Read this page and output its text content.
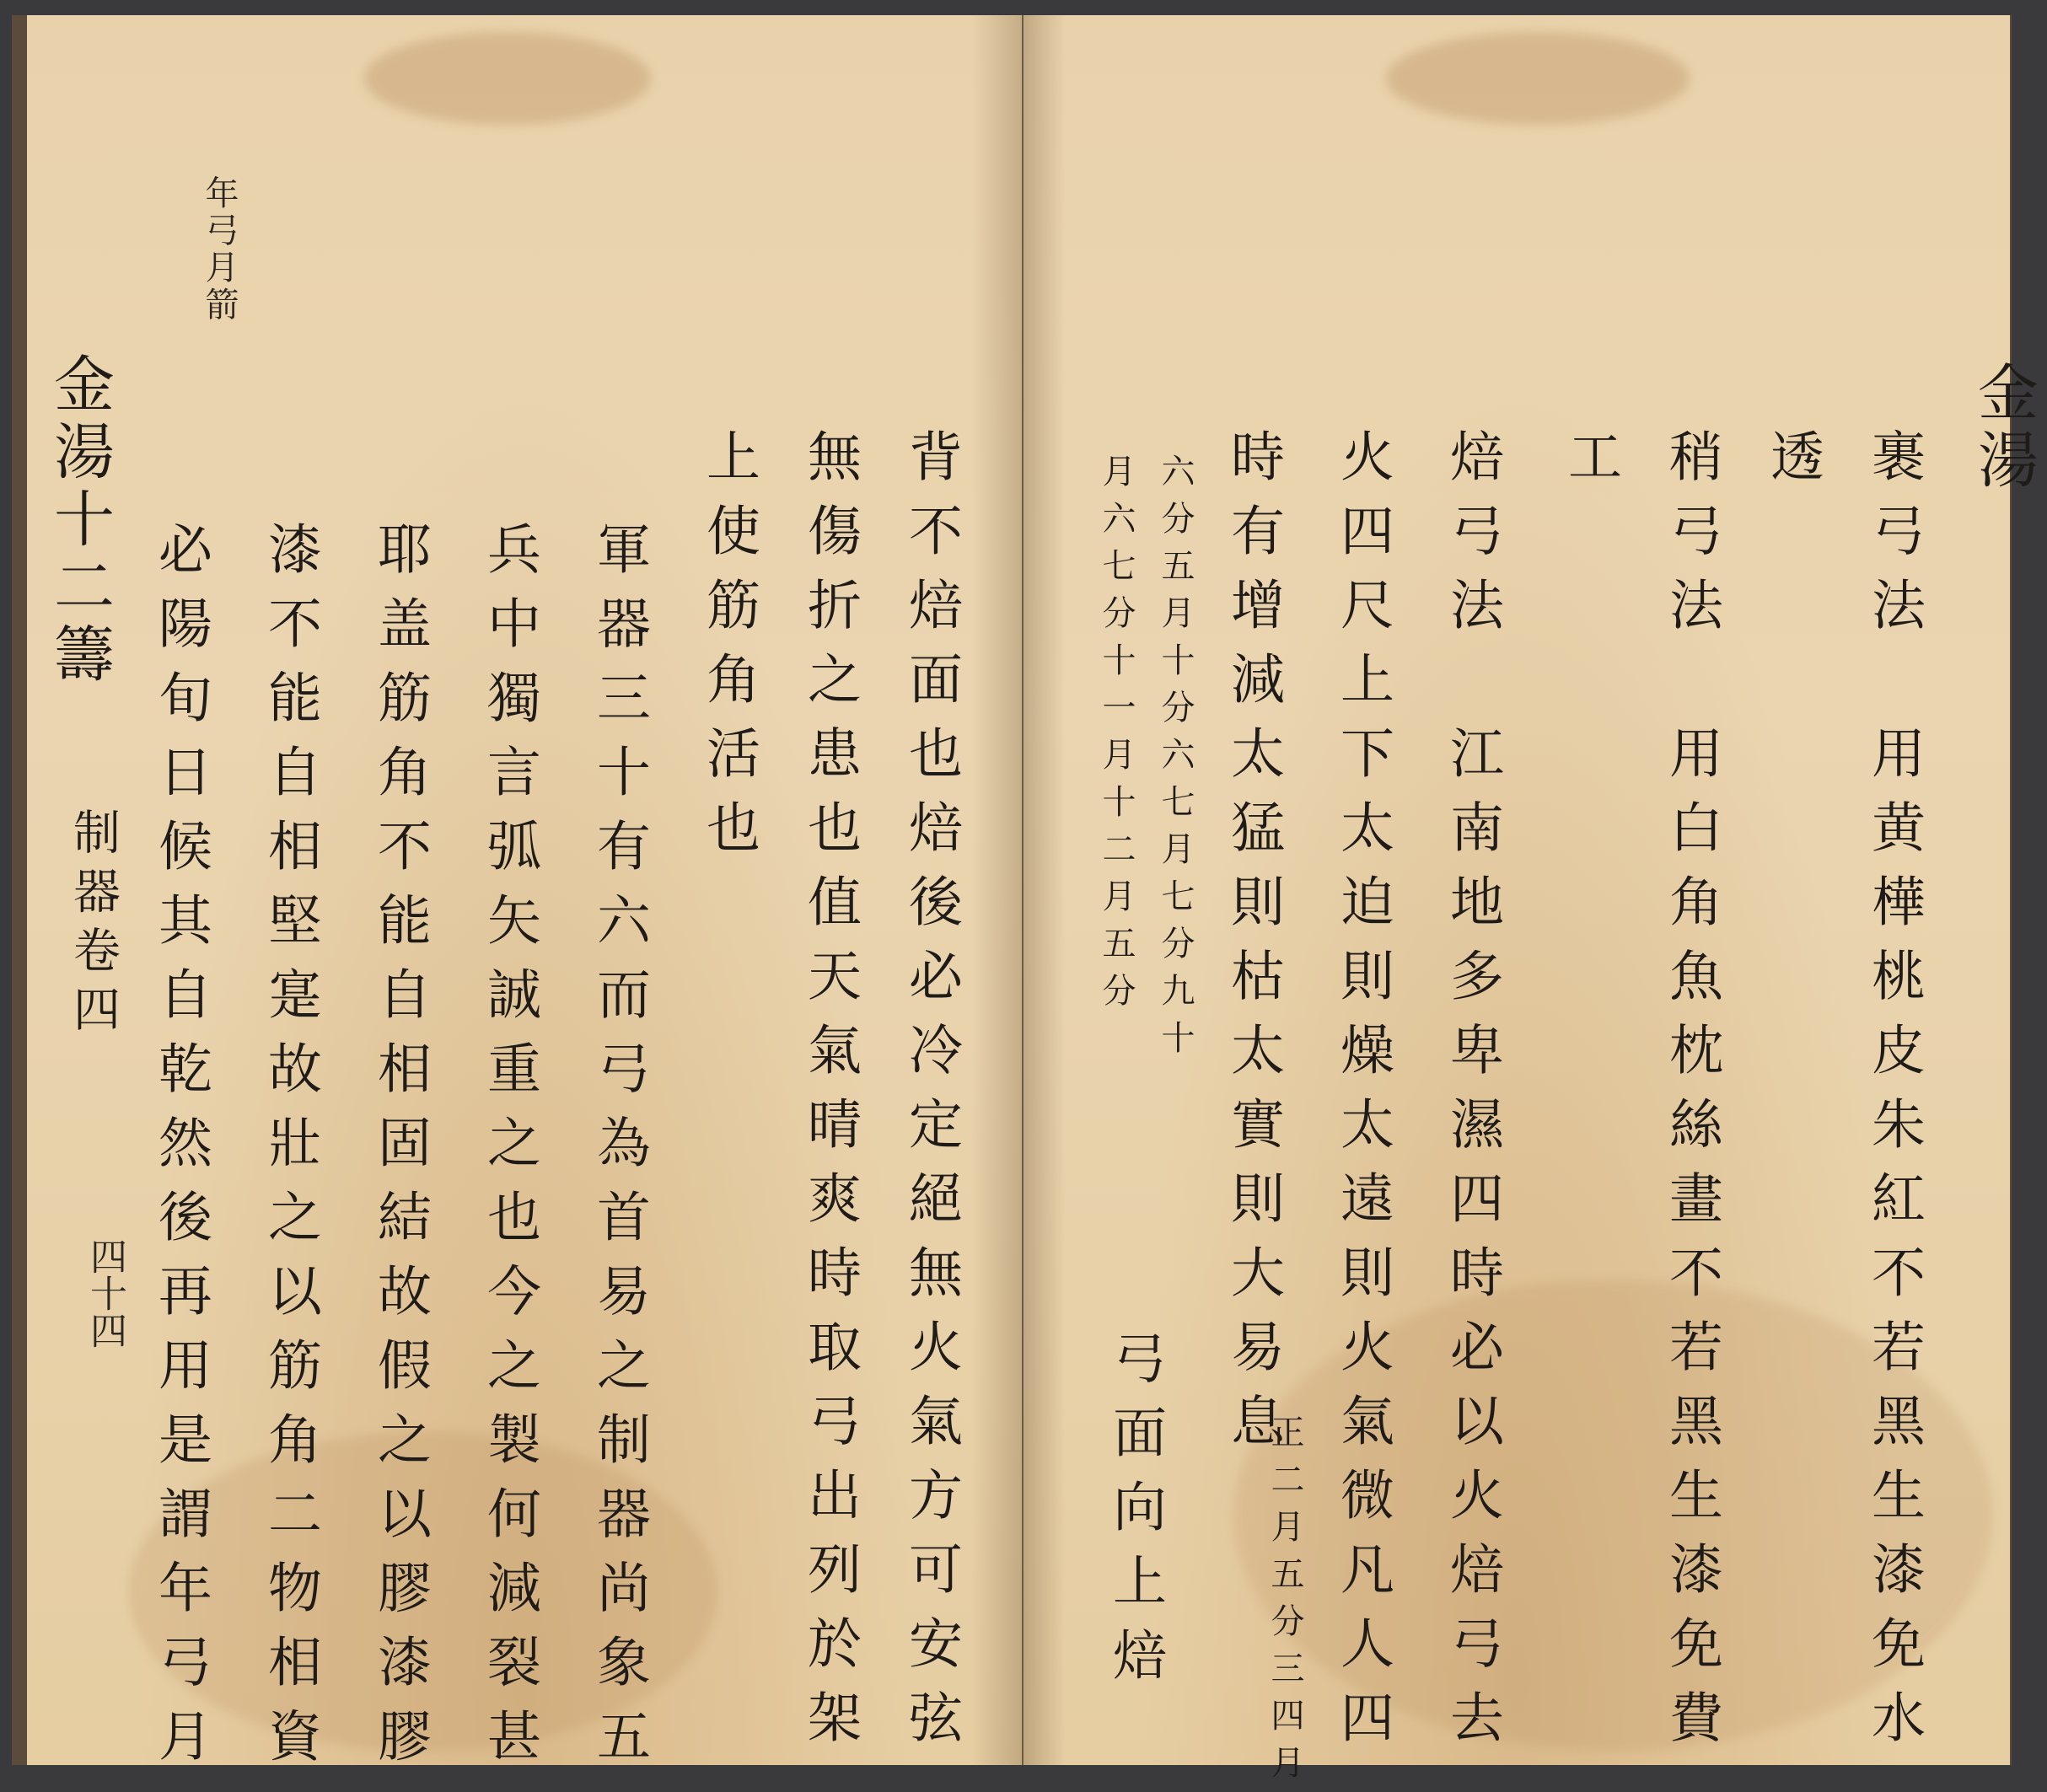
金湯十二籌
年弓月箭
制器卷四
四十四	背不焙面也焙後必冷定絕無火氣方可安弦
無傷折之患也值天氣晴爽時取弓出列於架
上使筋角活也
軍器三十有六而弓為首易之制器尚象五
兵中獨言弧矢誠重之也今之製何減裂甚
耶盖筋角不能自相固結故假之以膠漆膠
漆不能自相堅寔故壯之以筋角二物相資
必陽旬日候其自乾然後再用是謂年弓月
金湯
裹弓法　用黄樺桃皮朱紅不若黑生漆免水
透
稍弓法　用白角魚枕絲畫不若黑生漆免費
工
焙弓法　江南地多卑濕四時必以火焙弓去
火四尺上下太迫則燥太遠則火氣微凡人四
時有增減太猛則枯太實則大易息
月六七分十一月十二月五分
正二月五分三四月
六分五月十分六七月七分九十
弓面向上焙
